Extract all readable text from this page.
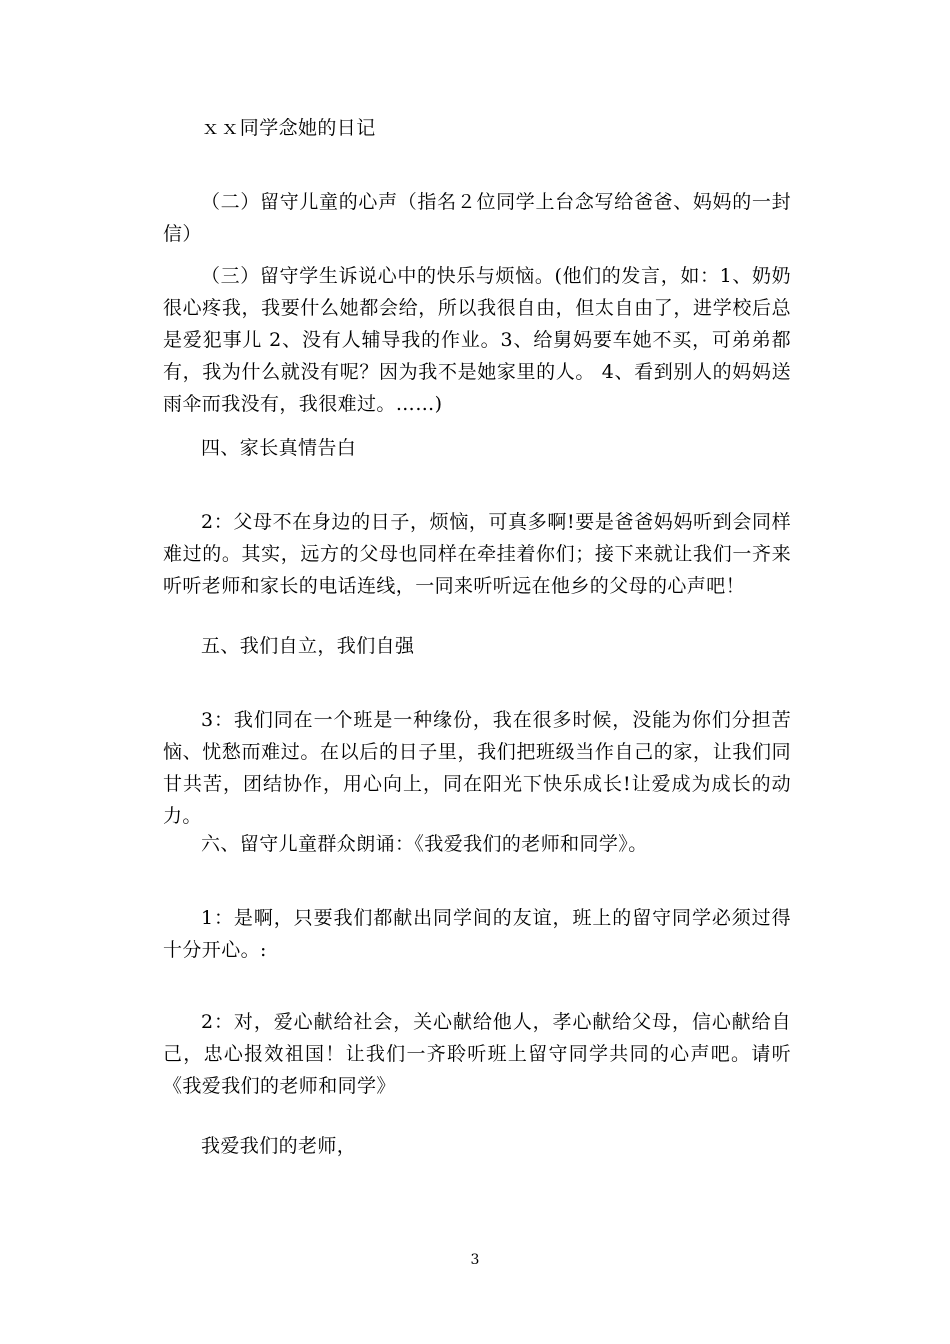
ｘｘ同学念她的日记

（二）留守儿童的心声（指名２位同学上台念写给爸爸、妈妈的一封信）

（三）留守学生诉说心中的快乐与烦恼。(他们的发言，如：1、奶奶很心疼我，我要什么她都会给，所以我很自由，但太自由了，进学校后总是爱犯事儿 2、没有人辅导我的作业。3、给舅妈要车她不买，可弟弟都有，我为什么就没有呢？因为我不是她家里的人。 4、看到别人的妈妈送雨伞而我没有，我很难过。……)

四、家长真情告白

2：父母不在身边的日子，烦恼，可真多啊!要是爸爸妈妈听到会同样难过的。其实，远方的父母也同样在牵挂着你们；接下来就让我们一齐来听听老师和家长的电话连线，一同来听听远在他乡的父母的心声吧！

五、我们自立，我们自强

3：我们同在一个班是一种缘份，我在很多时候，没能为你们分担苦恼、忧愁而难过。在以后的日子里，我们把班级当作自己的家，让我们同甘共苦，团结协作，用心向上，同在阳光下快乐成长!让爱成为成长的动力。

六、留守儿童群众朗诵：《我爱我们的老师和同学》。

1：是啊，只要我们都献出同学间的友谊，班上的留守同学必须过得十分开心。:

2：对，爱心献给社会，关心献给他人，孝心献给父母，信心献给自己，忠心报效祖国！让我们一齐聆听班上留守同学共同的心声吧。请听《我爱我们的老师和同学》

我爱我们的老师，

3
